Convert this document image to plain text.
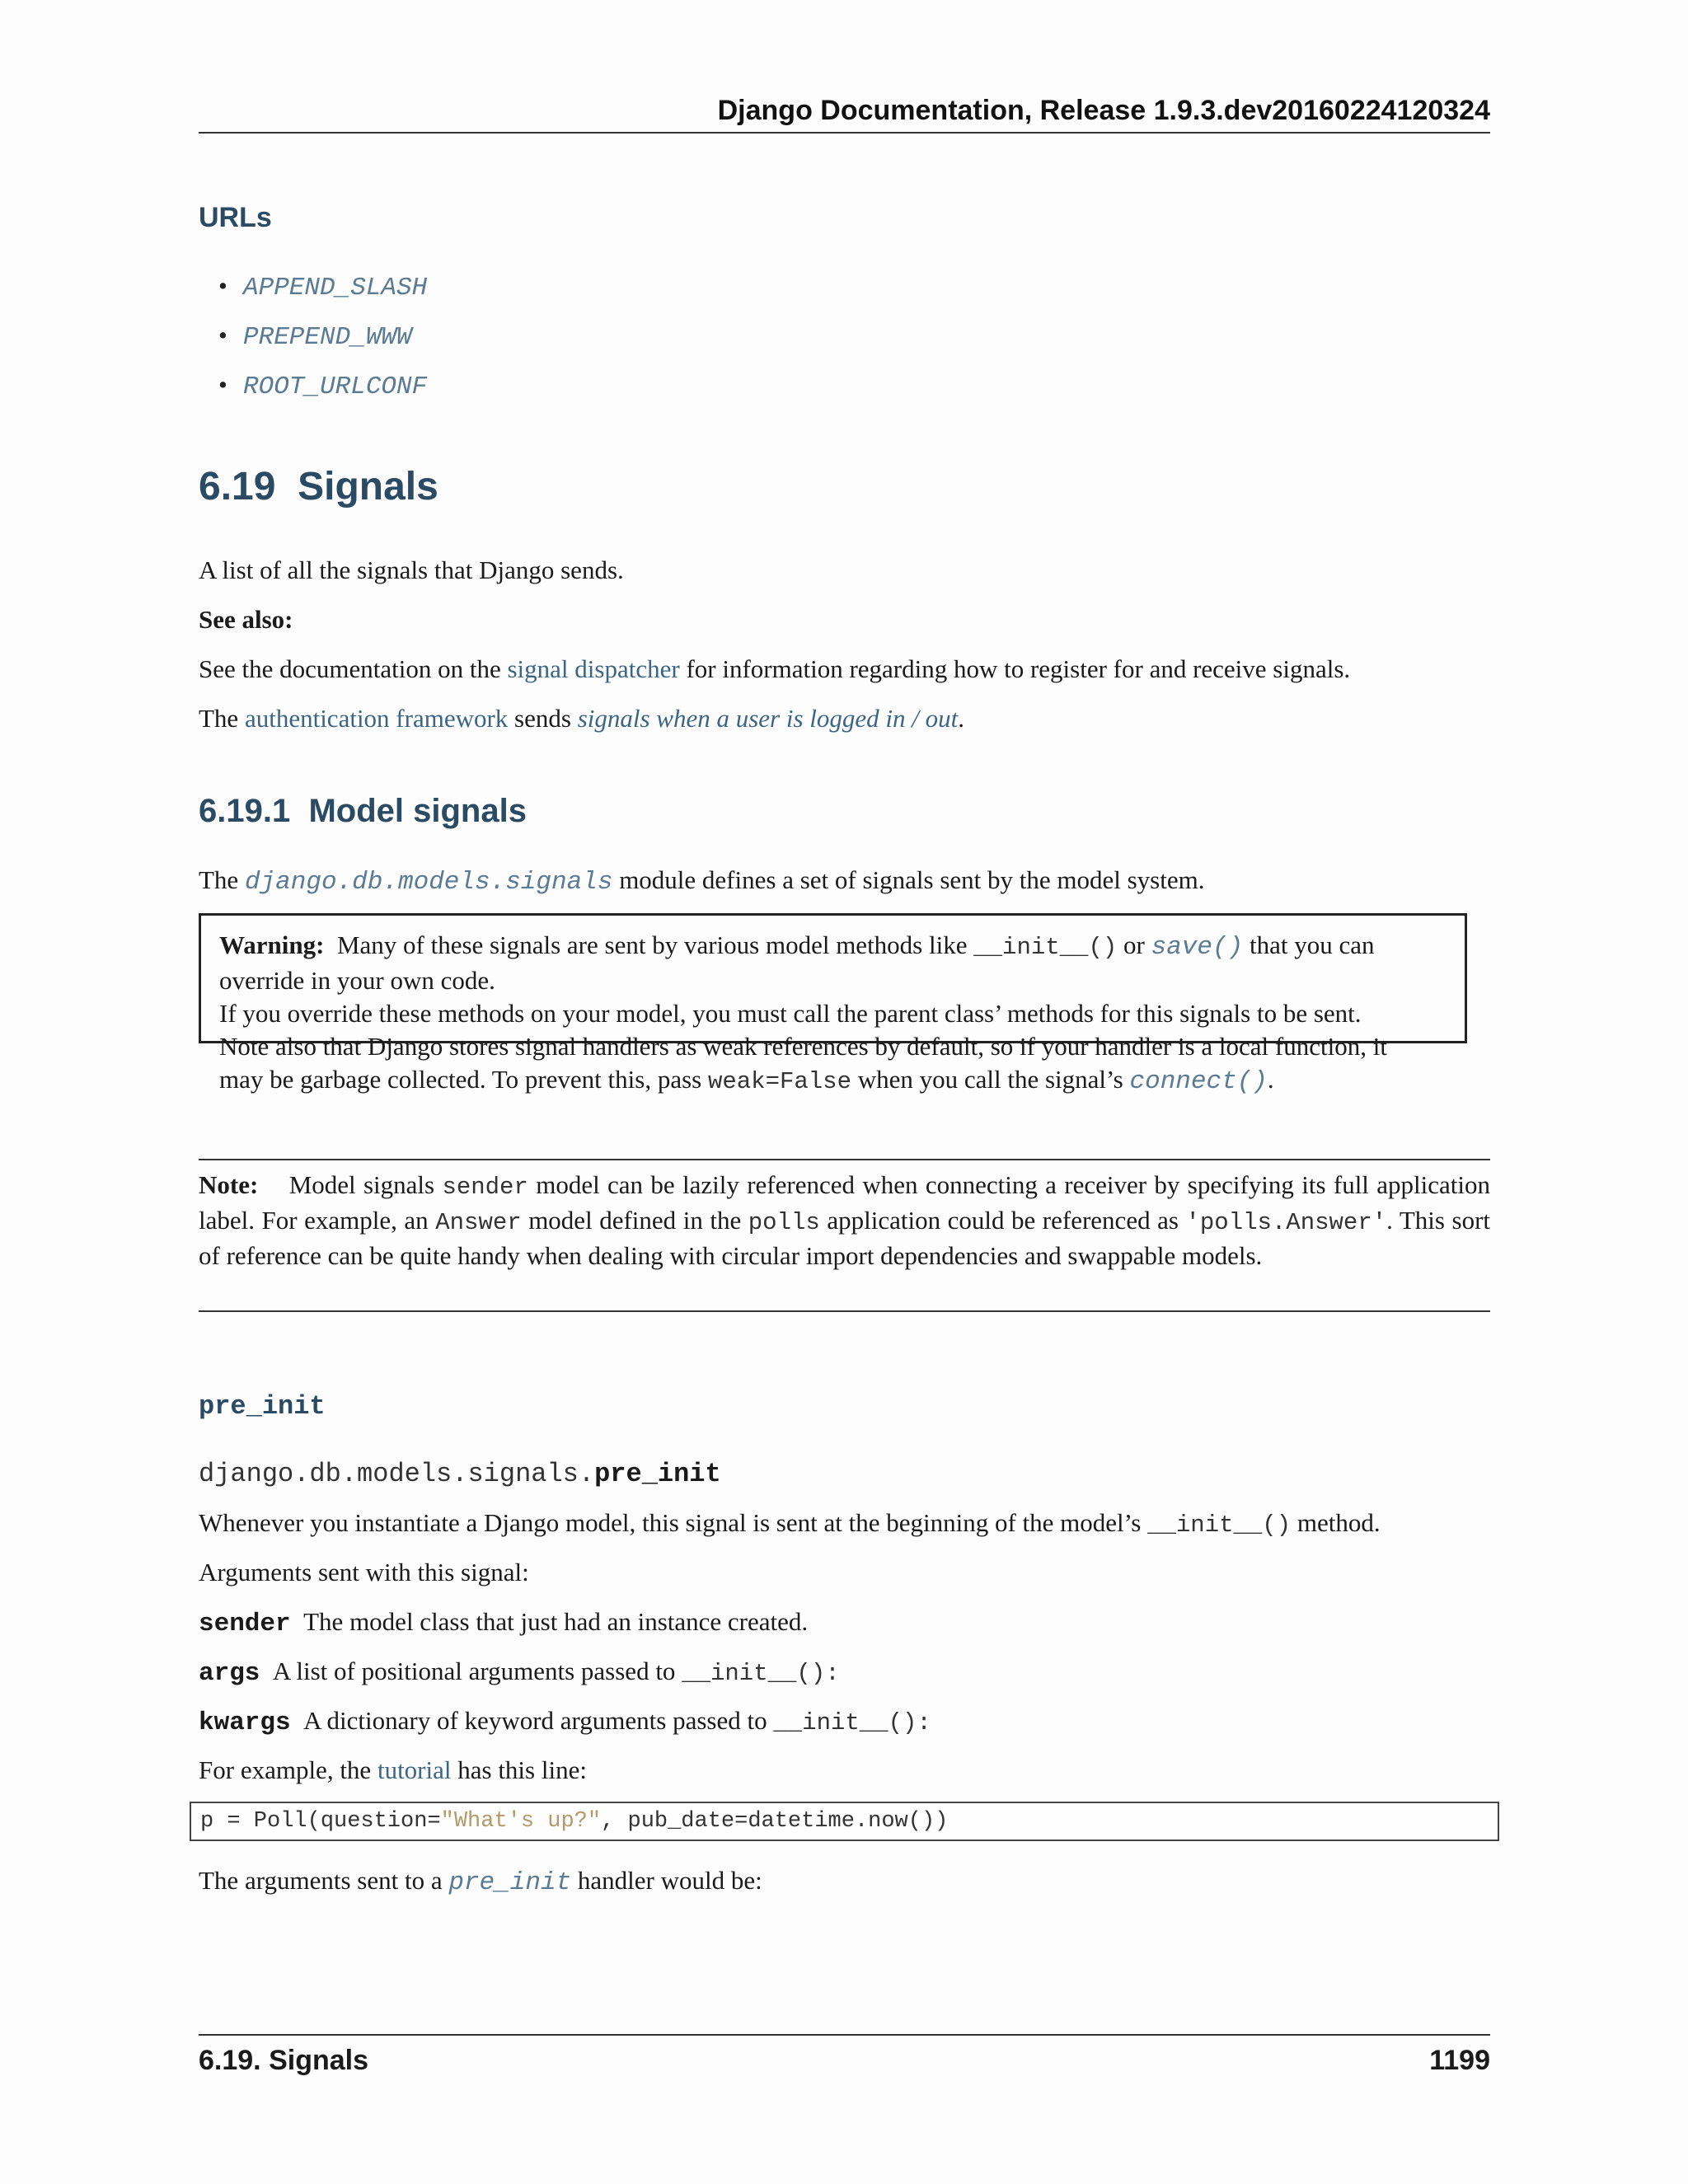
Django Documentation, Release 1.9.3.dev20160224120324
URLs
• APPEND_SLASH
• PREPEND_WWW
• ROOT_URLCONF
6.19 Signals
A list of all the signals that Django sends.
See also:
See the documentation on the signal dispatcher for information regarding how to register for and receive signals.
The authentication framework sends signals when a user is logged in / out.
6.19.1 Model signals
The django.db.models.signals module defines a set of signals sent by the model system.
Warning: Many of these signals are sent by various model methods like __init__() or save() that you can
override in your own code.
If you override these methods on your model, you must call the parent class’ methods for this signals to be sent.
Note also that Django stores signal handlers as weak references by default, so if your handler is a local function, it
may be garbage collected. To prevent this, pass weak=False when you call the signal’s connect().
Note: Model signals sender model can be lazily referenced when connecting a receiver by specifying its full application label. For example, an Answer model defined in the polls application could be referenced as 'polls.Answer'. This sort of reference can be quite handy when dealing with circular import dependencies and swappable models.
pre_init
django.db.models.signals.pre_init
Whenever you instantiate a Django model, this signal is sent at the beginning of the model’s __init__() method.
Arguments sent with this signal:
sender The model class that just had an instance created.
args A list of positional arguments passed to __init__():
kwargs A dictionary of keyword arguments passed to __init__():
For example, the tutorial has this line:
p = Poll(question="What's up?", pub_date=datetime.now())
The arguments sent to a pre_init handler would be:
6.19. Signals	1199
